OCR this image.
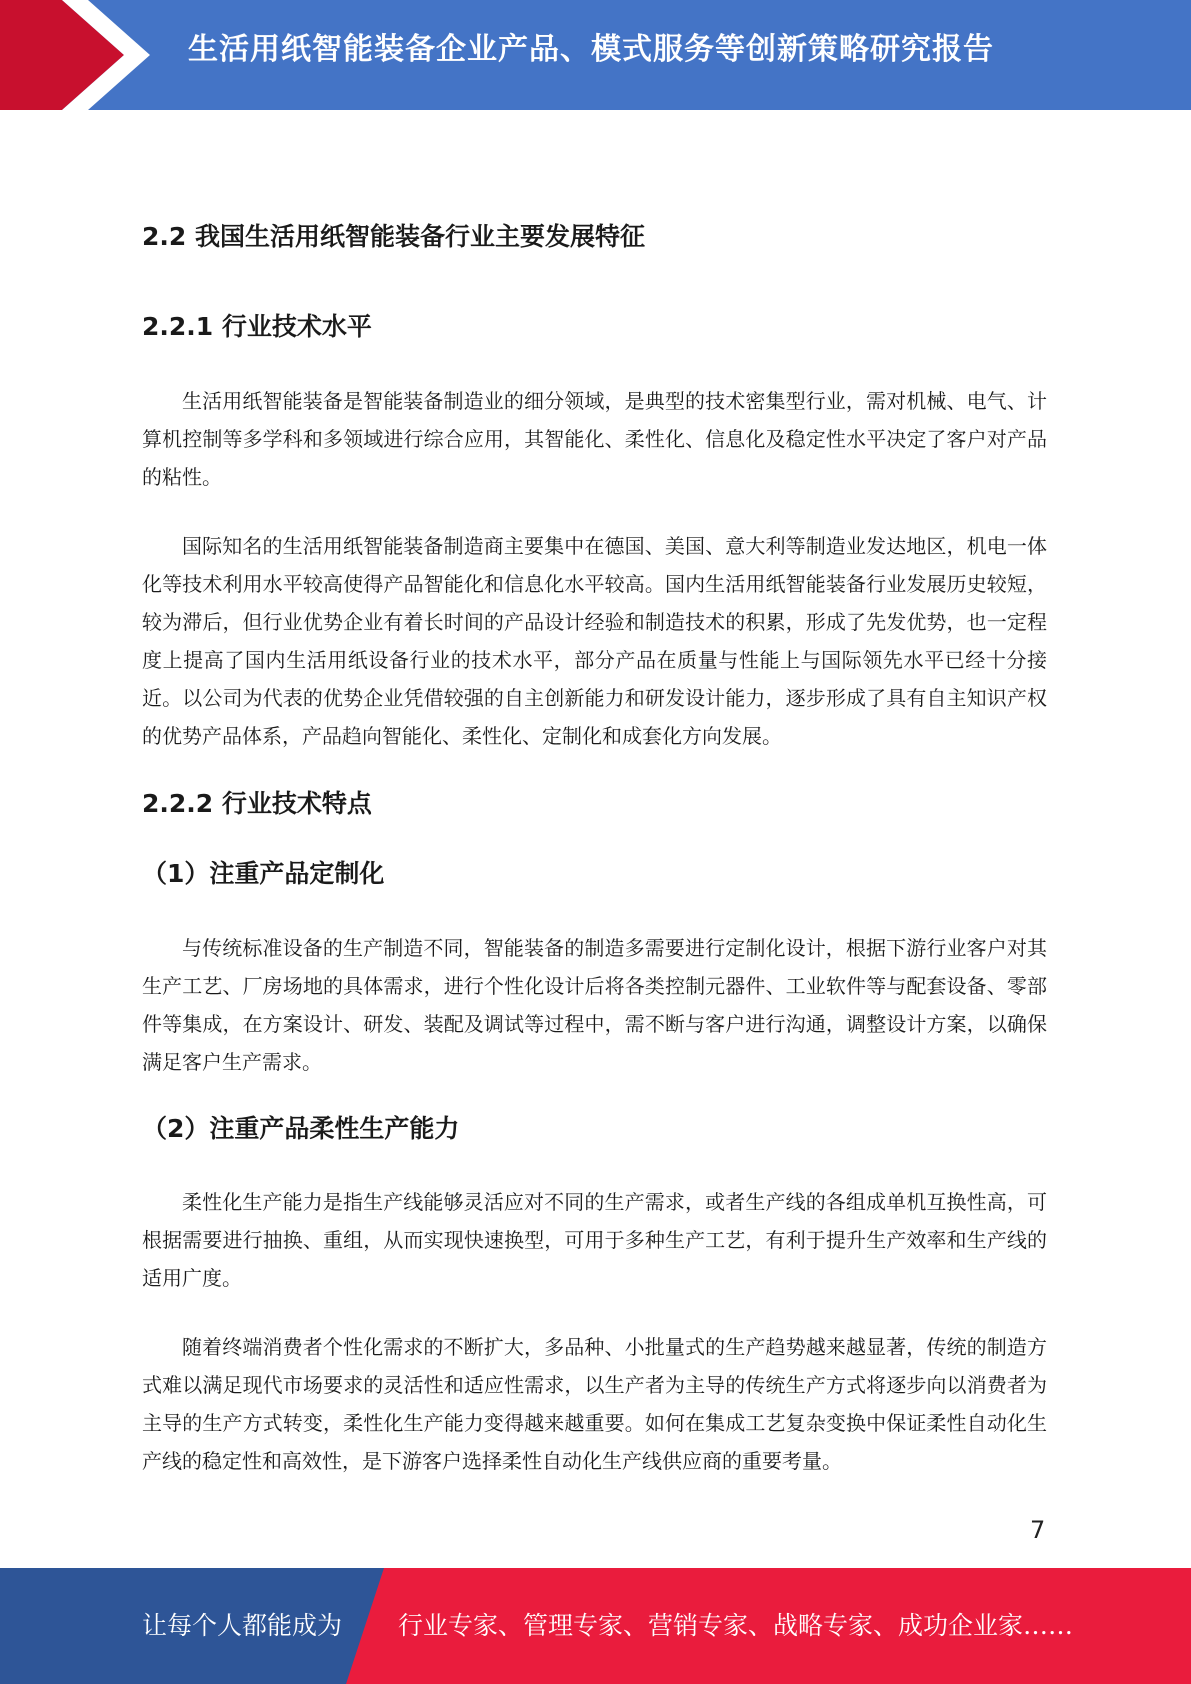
生活用纸智能装备企业产品、模式服务等创新策略研究报告
2.2 我国生活用纸智能装备行业主要发展特征
2.2.1 行业技术水平

生活用纸智能装备是智能装备制造业的细分领域，是典型的技术密集型行业，需对机械、电气、计算机控制等多学科和多领域进行综合应用，其智能化、柔性化、信息化及稳定性水平决定了客户对产品的粘性。

国际知名的生活用纸智能装备制造商主要集中在德国、美国、意大利等制造业发达地区，机电一体化等技术利用水平较高使得产品智能化和信息化水平较高。国内生活用纸智能装备行业发展历史较短，较为滞后，但行业优势企业有着长时间的产品设计经验和制造技术的积累，形成了先发优势，也一定程度上提高了国内生活用纸设备行业的技术水平，部分产品在质量与性能上与国际领先水平已经十分接近。以公司为代表的优势企业凭借较强的自主创新能力和研发设计能力，逐步形成了具有自主知识产权的优势产品体系，产品趋向智能化、柔性化、定制化和成套化方向发展。

2.2.2 行业技术特点
（1）注重产品定制化

与传统标准设备的生产制造不同，智能装备的制造多需要进行定制化设计，根据下游行业客户对其生产工艺、厂房场地的具体需求，进行个性化设计后将各类控制元器件、工业软件等与配套设备、零部件等集成，在方案设计、研发、装配及调试等过程中，需不断与客户进行沟通，调整设计方案，以确保满足客户生产需求。

（2）注重产品柔性生产能力

柔性化生产能力是指生产线能够灵活应对不同的生产需求，或者生产线的各组成单机互换性高，可根据需要进行抽换、重组，从而实现快速换型，可用于多种生产工艺，有利于提升生产效率和生产线的适用广度。

随着终端消费者个性化需求的不断扩大，多品种、小批量式的生产趋势越来越显著，传统的制造方式难以满足现代市场要求的灵活性和适应性需求，以生产者为主导的传统生产方式将逐步向以消费者为主导的生产方式转变，柔性化生产能力变得越来越重要。如何在集成工艺复杂变换中保证柔性自动化生产线的稳定性和高效性，是下游客户选择柔性自动化生产线供应商的重要考量。

7
让每个人都能成为 行业专家、管理专家、营销专家、战略专家、成功企业家……
